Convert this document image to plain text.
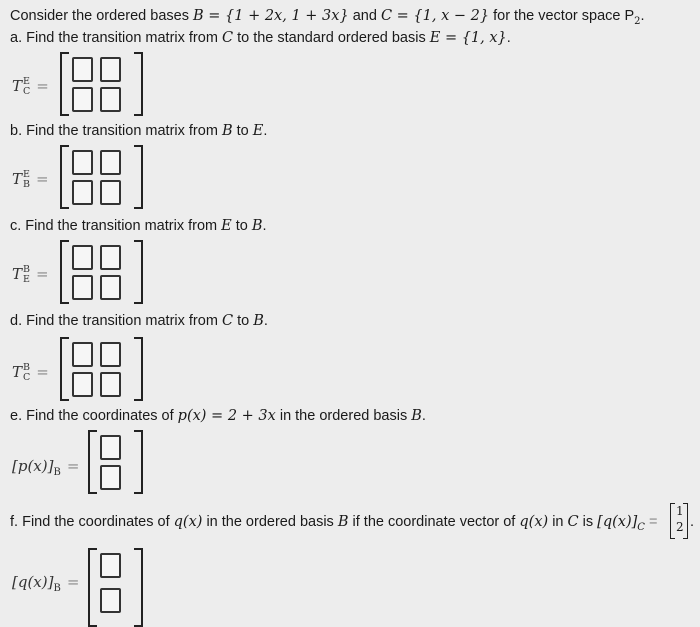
Consider the ordered bases B = {1 + 2x, 1 + 3x} and C = {1, x − 2} for the vector space $P_2$.
a. Find the transition matrix from C to the standard ordered basis E = {1, x}.
T E
C =
b. Find the transition matrix from B to E.
T E
B =
c. Find the transition matrix from E to B.
T B
E =
d. Find the transition matrix from C to B.
T B
C =
e. Find the coordinates of p(x) = 2 + 3x in the ordered basis B.
$[p(x)]_B$ =
f. Find the coordinates of q(x) in the ordered basis B if the coordinate vector of q(x) in C is $[q(x)]_C$ =
1
2 .
$[q(x)]_B$ =
